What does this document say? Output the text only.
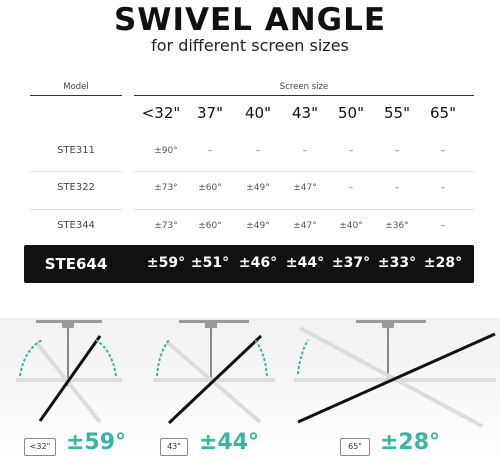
SWIVEL ANGLE
for different screen sizes
Model	Screen size
<32"	37"	40"	43"	50"	55"	65"
STE311	±90°	–	–	–	–	–	–
STE322	±73°	±60°	±49°	±47°	–	–	–
STE344	±73°	±60°	±49°	±47°	±40°	±36°	–
STE644	±59° ±51° ±46° ±44° ±37° ±33° ±28°
<32" ±59°	43" ±44°	65" ±28°
